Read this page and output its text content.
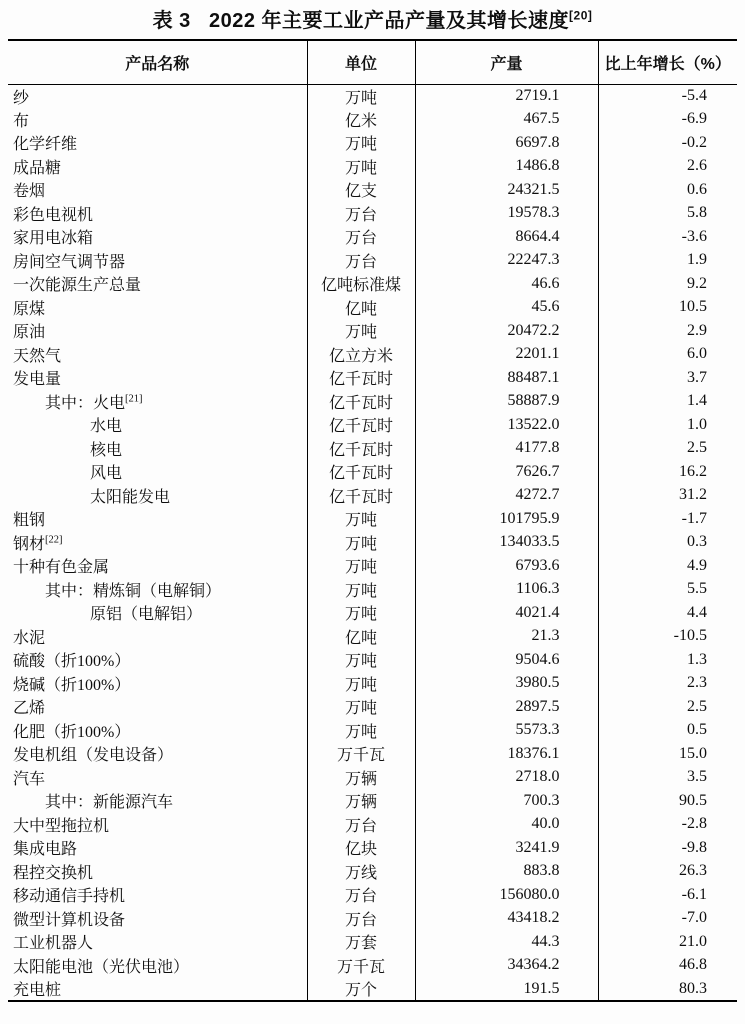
表 3   2022 年主要工业产品产量及其增长速度[20]
产品名称	单位	产量	比上年增长（%）
纱	万吨	2719.1	-5.4
布	亿米	467.5	-6.9
化学纤维	万吨	6697.8	-0.2
成品糖	万吨	1486.8	2.6
卷烟	亿支	24321.5	0.6
彩色电视机	万台	19578.3	5.8
家用电冰箱	万台	8664.4	-3.6
房间空气调节器	万台	22247.3	1.9
一次能源生产总量	亿吨标准煤	46.6	9.2
原煤	亿吨	45.6	10.5
原油	万吨	20472.2	2.9
天然气	亿立方米	2201.1	6.0
发电量	亿千瓦时	88487.1	3.7
其中：火电[21]	亿千瓦时	58887.9	1.4
水电	亿千瓦时	13522.0	1.0
核电	亿千瓦时	4177.8	2.5
风电	亿千瓦时	7626.7	16.2
太阳能发电	亿千瓦时	4272.7	31.2
粗钢	万吨	101795.9	-1.7
钢材[22]	万吨	134033.5	0.3
十种有色金属	万吨	6793.6	4.9
其中：精炼铜（电解铜）	万吨	1106.3	5.5
原铝（电解铝）	万吨	4021.4	4.4
水泥	亿吨	21.3	-10.5
硫酸（折100%）	万吨	9504.6	1.3
烧碱（折100%）	万吨	3980.5	2.3
乙烯	万吨	2897.5	2.5
化肥（折100%）	万吨	5573.3	0.5
发电机组（发电设备）	万千瓦	18376.1	15.0
汽车	万辆	2718.0	3.5
其中：新能源汽车	万辆	700.3	90.5
大中型拖拉机	万台	40.0	-2.8
集成电路	亿块	3241.9	-9.8
程控交换机	万线	883.8	26.3
移动通信手持机	万台	156080.0	-6.1
微型计算机设备	万台	43418.2	-7.0
工业机器人	万套	44.3	21.0
太阳能电池（光伏电池）	万千瓦	34364.2	46.8
充电桩	万个	191.5	80.3
